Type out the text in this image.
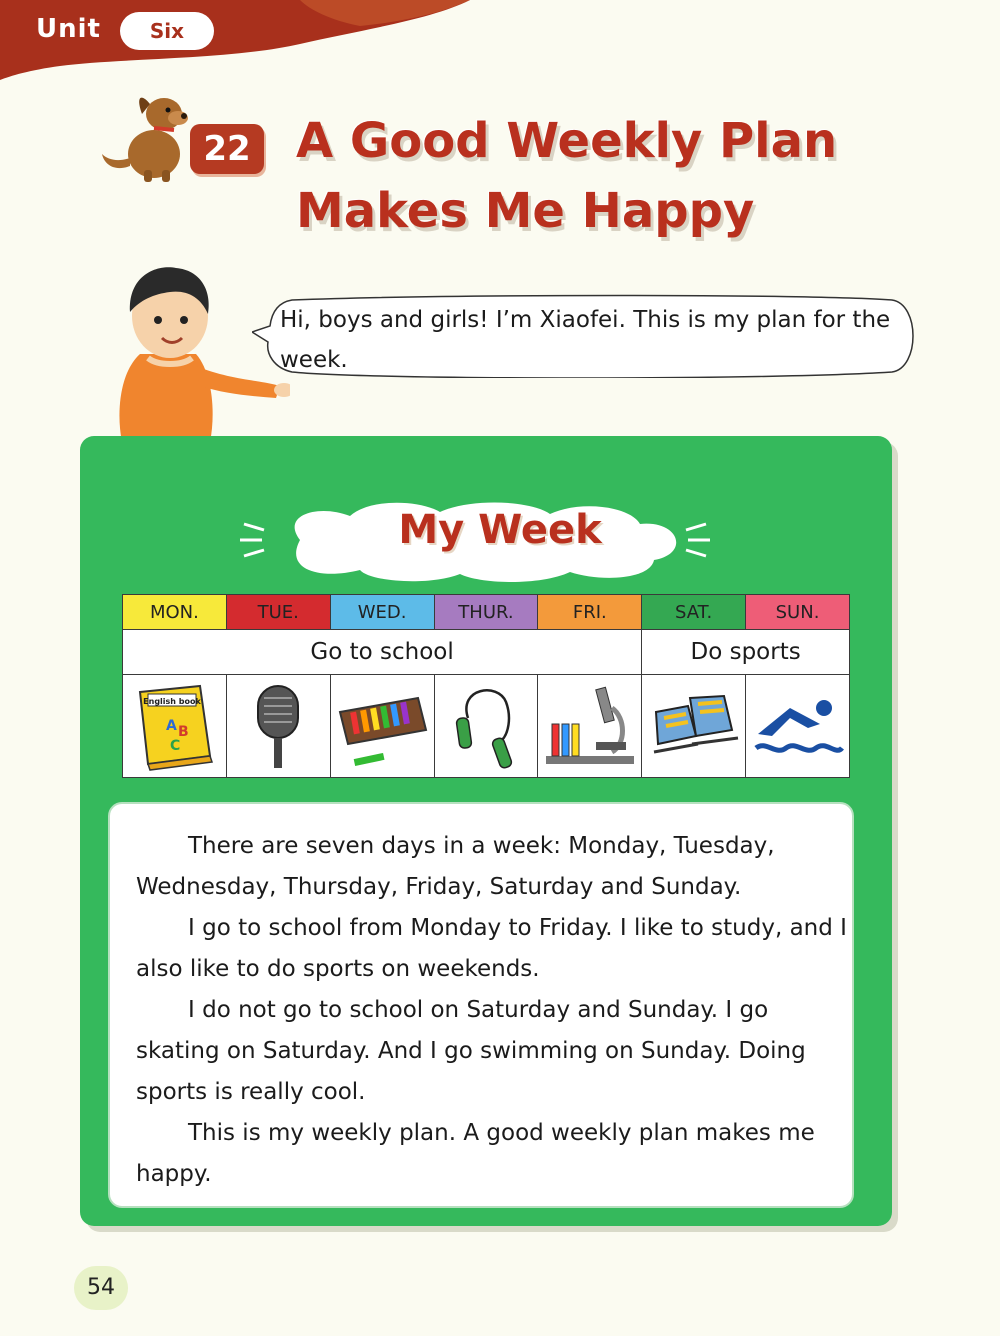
Unit	Six
22 A Good Weekly Plan
Makes Me Happy
Hi, boys and girls! I’m Xiaofei. This is my plan for the week.
My Week
MON.	TUE.	WED.	THUR.	FRI.	SAT.	SUN.
Go to school					Do sports	

English book
A B
C

There are seven days in a week: Monday, Tuesday, Wednesday, Thursday, Friday, Saturday and Sunday.

I go to school from Monday to Friday. I like to study, and I also like to do sports on weekends.

I do not go to school on Saturday and Sunday. I go skating on Saturday. And I go swimming on Sunday. Doing sports is really cool.

This is my weekly plan. A good weekly plan makes me happy.

54
